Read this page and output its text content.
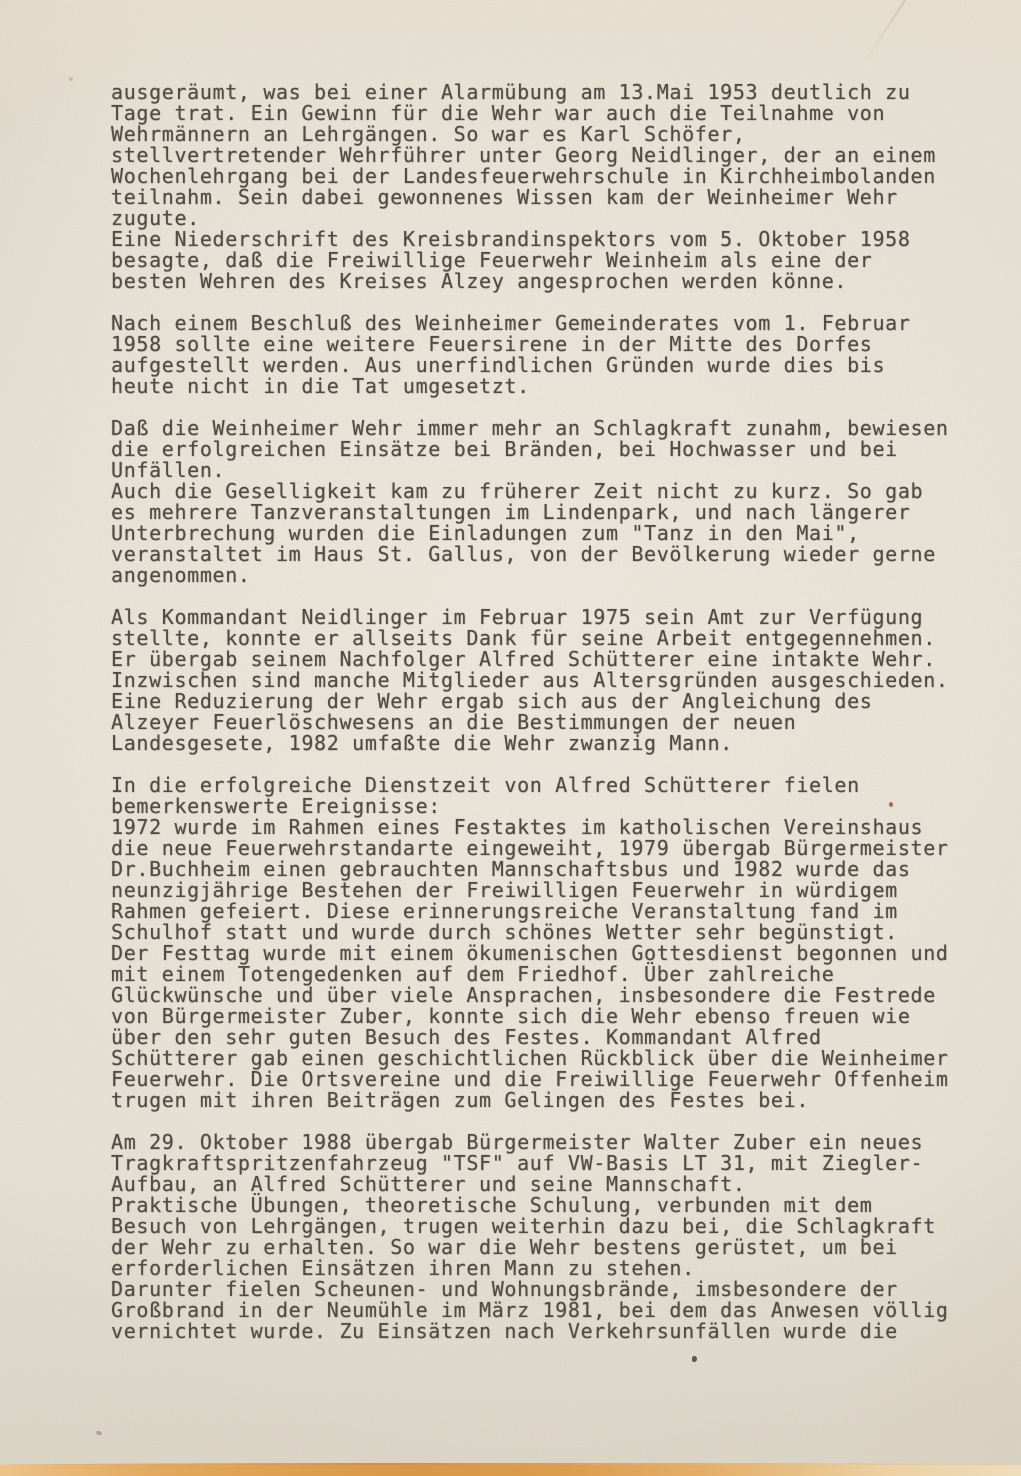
ausgeräumt, was bei einer Alarmübung am 13.Mai 1953 deutlich zu
Tage trat. Ein Gewinn für die Wehr war auch die Teilnahme von
Wehrmännern an Lehrgängen. So war es Karl Schöfer,
stellvertretender Wehrführer unter Georg Neidlinger, der an einem
Wochenlehrgang bei der Landesfeuerwehrschule in Kirchheimbolanden
teilnahm. Sein dabei gewonnenes Wissen kam der Weinheimer Wehr
zugute.
Eine Niederschrift des Kreisbrandinspektors vom 5. Oktober 1958
besagte, daß die Freiwillige Feuerwehr Weinheim als eine der
besten Wehren des Kreises Alzey angesprochen werden könne.
Nach einem Beschluß des Weinheimer Gemeinderates vom 1. Februar
1958 sollte eine weitere Feuersirene in der Mitte des Dorfes
aufgestellt werden. Aus unerfindlichen Gründen wurde dies bis
heute nicht in die Tat umgesetzt.
Daß die Weinheimer Wehr immer mehr an Schlagkraft zunahm, bewiesen
die erfolgreichen Einsätze bei Bränden, bei Hochwasser und bei
Unfällen.
Auch die Geselligkeit kam zu früherer Zeit nicht zu kurz. So gab
es mehrere Tanzveranstaltungen im Lindenpark, und nach längerer
Unterbrechung wurden die Einladungen zum "Tanz in den Mai",
veranstaltet im Haus St. Gallus, von der Bevölkerung wieder gerne
angenommen.
Als Kommandant Neidlinger im Februar 1975 sein Amt zur Verfügung
stellte, konnte er allseits Dank für seine Arbeit entgegennehmen.
Er übergab seinem Nachfolger Alfred Schütterer eine intakte Wehr.
Inzwischen sind manche Mitglieder aus Altersgründen ausgeschieden.
Eine Reduzierung der Wehr ergab sich aus der Angleichung des
Alzeyer Feuerlöschwesens an die Bestimmungen der neuen
Landesgesete, 1982 umfaßte die Wehr zwanzig Mann.
In die erfolgreiche Dienstzeit von Alfred Schütterer fielen
bemerkenswerte Ereignisse:
1972 wurde im Rahmen eines Festaktes im katholischen Vereinshaus
die neue Feuerwehrstandarte eingeweiht, 1979 übergab Bürgermeister
Dr.Buchheim einen gebrauchten Mannschaftsbus und 1982 wurde das
neunzigjährige Bestehen der Freiwilligen Feuerwehr in würdigem
Rahmen gefeiert. Diese erinnerungsreiche Veranstaltung fand im
Schulhof statt und wurde durch schönes Wetter sehr begünstigt.
Der Festtag wurde mit einem ökumenischen Gottesdienst begonnen und
mit einem Totengedenken auf dem Friedhof. Über zahlreiche
Glückwünsche und über viele Ansprachen, insbesondere die Festrede
von Bürgermeister Zuber, konnte sich die Wehr ebenso freuen wie
über den sehr guten Besuch des Festes. Kommandant Alfred
Schütterer gab einen geschichtlichen Rückblick über die Weinheimer
Feuerwehr. Die Ortsvereine und die Freiwillige Feuerwehr Offenheim
trugen mit ihren Beiträgen zum Gelingen des Festes bei.
Am 29. Oktober 1988 übergab Bürgermeister Walter Zuber ein neues
Tragkraftspritzenfahrzeug "TSF" auf VW-Basis LT 31, mit Ziegler-
Aufbau, an Alfred Schütterer und seine Mannschaft.
Praktische Übungen, theoretische Schulung, verbunden mit dem
Besuch von Lehrgängen, trugen weiterhin dazu bei, die Schlagkraft
der Wehr zu erhalten. So war die Wehr bestens gerüstet, um bei
erforderlichen Einsätzen ihren Mann zu stehen.
Darunter fielen Scheunen- und Wohnungsbrände, imsbesondere der
Großbrand in der Neumühle im März 1981, bei dem das Anwesen völlig
vernichtet wurde. Zu Einsätzen nach Verkehrsunfällen wurde die
